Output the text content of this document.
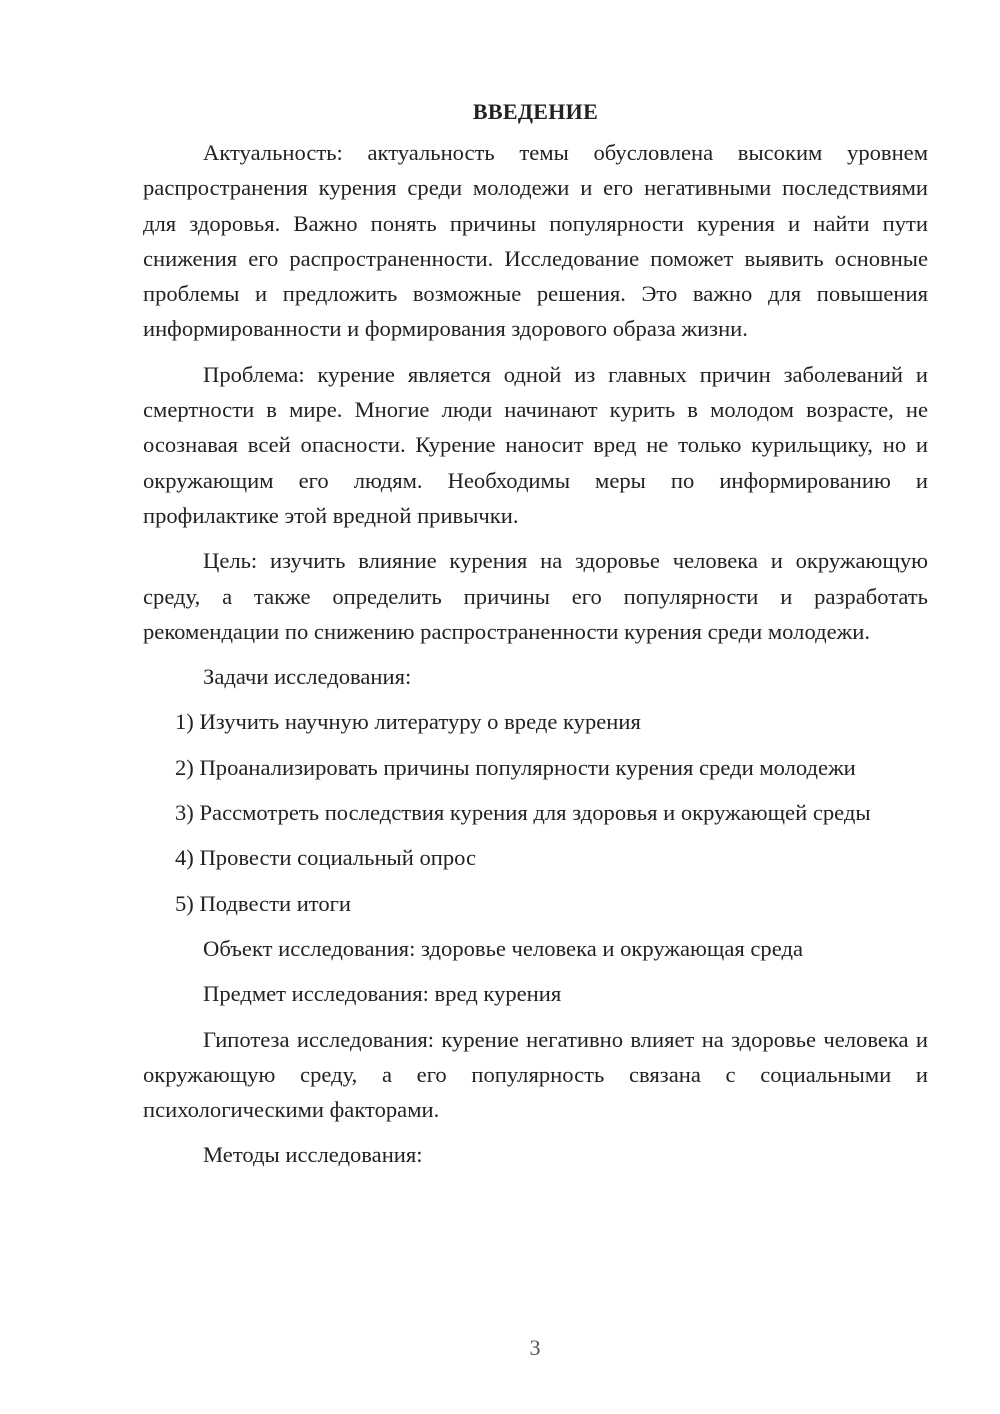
ВВЕДЕНИЕ

Актуальность: актуальность темы обусловлена высоким уровнем распространения курения среди молодежи и его негативными последствиями для здоровья. Важно понять причины популярности курения и найти пути снижения его распространенности. Исследование поможет выявить основные проблемы и предложить возможные решения. Это важно для повышения информированности и формирования здорового образа жизни.

Проблема: курение является одной из главных причин заболеваний и смертности в мире. Многие люди начинают курить в молодом возрасте, не осознавая всей опасности. Курение наносит вред не только курильщику, но и окружающим его людям. Необходимы меры по информированию и профилактике этой вредной привычки.

Цель: изучить влияние курения на здоровье человека и окружающую среду, а также определить причины его популярности и разработать рекомендации по снижению распространенности курения среди молодежи.

Задачи исследования:

1) Изучить научную литературу о вреде курения

2) Проанализировать причины популярности курения среди молодежи

3) Рассмотреть последствия курения для здоровья и окружающей среды

4) Провести социальный опрос

5) Подвести итоги

Объект исследования: здоровье человека и окружающая среда

Предмет исследования: вред курения

Гипотеза исследования: курение негативно влияет на здоровье человека и окружающую среду, а его популярность связана с социальными и психологическими факторами.

Методы исследования:

3
